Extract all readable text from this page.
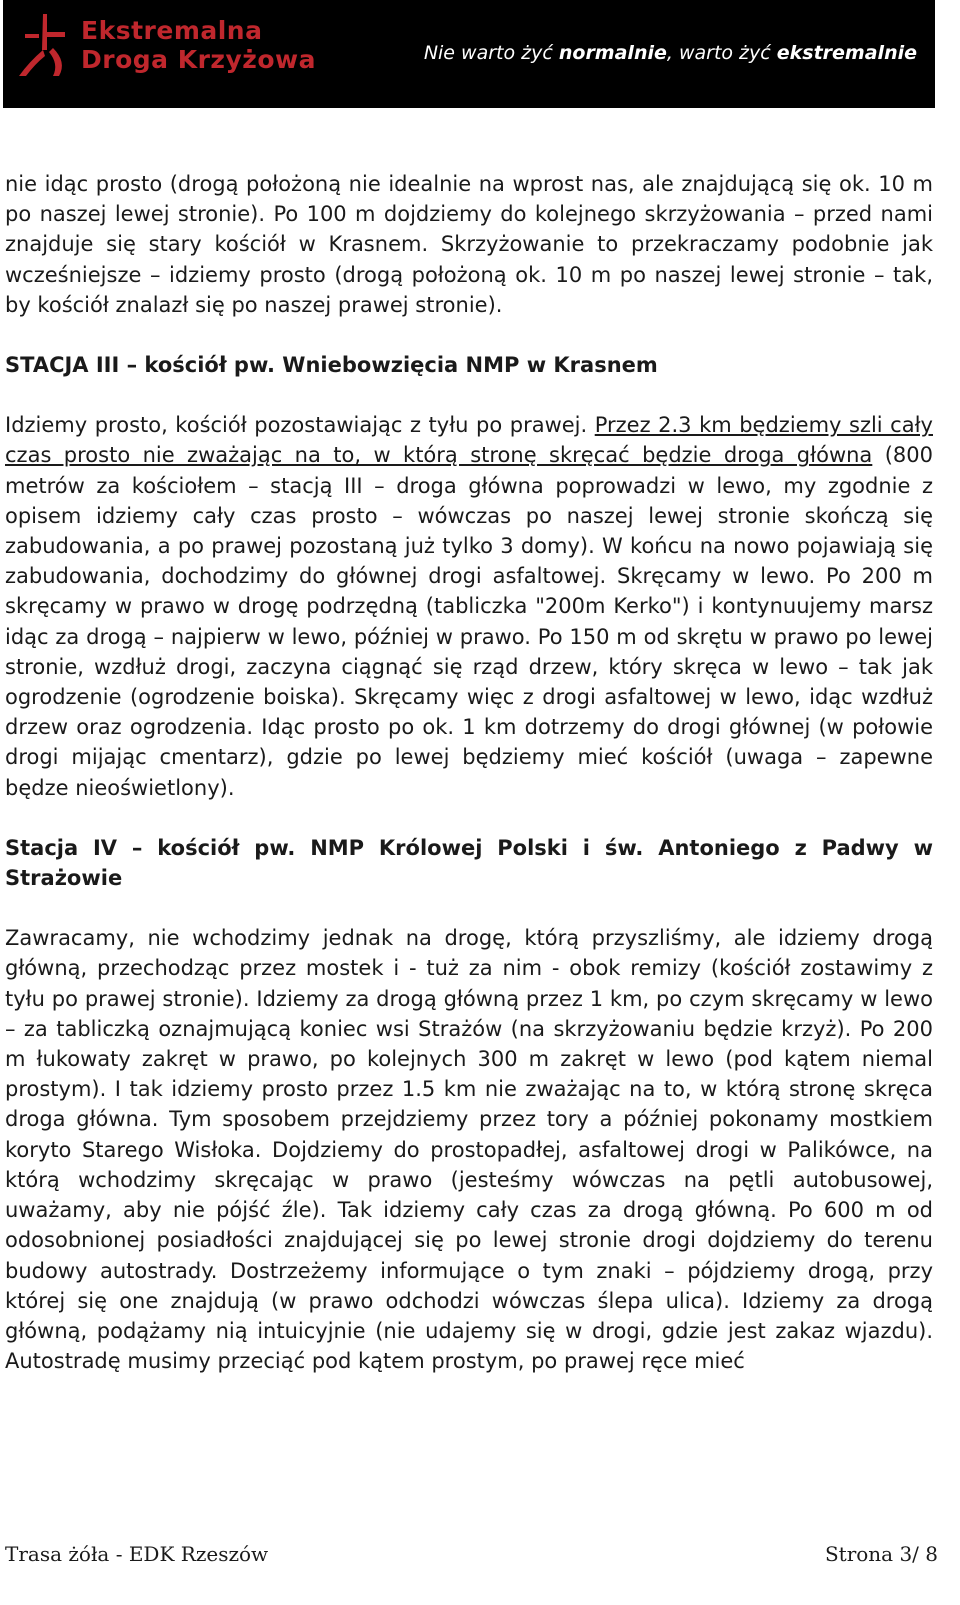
Ekstremalna
Droga Krzyżowa	Nie warto żyć normalnie, warto żyć ekstremalnie

nie idąc prosto (drogą położoną nie idealnie na wprost nas, ale znajdującą się ok. 10 m po naszej lewej stronie). Po 100 m dojdziemy do kolejnego skrzyżowania – przed nami znajduje się stary kościół w Krasnem. Skrzyżowanie to przekraczamy podobnie jak wcześniejsze – idziemy prosto (drogą położoną ok. 10 m po naszej lewej stronie – tak, by kościół znalazł się po naszej prawej stronie).

STACJA III – kościół pw. Wniebowzięcia NMP w Krasnem

Idziemy prosto, kościół pozostawiając z tyłu po prawej. Przez 2.3 km będziemy szli cały czas prosto nie zważając na to, w którą stronę skręcać będzie droga główna (800 metrów za kościołem – stacją III – droga główna poprowadzi w lewo, my zgodnie z opisem idziemy cały czas prosto – wówczas po naszej lewej stronie skończą się zabudowania, a po prawej pozostaną już tylko 3 domy). W końcu na nowo pojawiają się zabudowania, dochodzimy do głównej drogi asfaltowej. Skręcamy w lewo. Po 200 m skręcamy w prawo w drogę podrzędną (tabliczka "200m Kerko") i kontynuujemy marsz idąc za drogą – najpierw w lewo, później w prawo. Po 150 m od skrętu w prawo po lewej stronie, wzdłuż drogi, zaczyna ciągnąć się rząd drzew, który skręca w lewo – tak jak ogrodzenie (ogrodzenie boiska). Skręcamy więc z drogi asfaltowej w lewo, idąc wzdłuż drzew oraz ogrodzenia. Idąc prosto po ok. 1 km dotrzemy do drogi głównej (w połowie drogi mijając cmentarz), gdzie po lewej będziemy mieć kościół (uwaga – zapewne będze nieoświetlony).

Stacja IV – kościół pw. NMP Królowej Polski i św. Antoniego z Padwy w Strażowie

Zawracamy, nie wchodzimy jednak na drogę, którą przyszliśmy, ale idziemy drogą główną, przechodząc przez mostek i - tuż za nim - obok remizy (kościół zostawimy z tyłu po prawej stronie). Idziemy za drogą główną przez 1 km, po czym skręcamy w lewo – za tabliczką oznajmującą koniec wsi Strażów (na skrzyżowaniu będzie krzyż). Po 200 m łukowaty zakręt w prawo, po kolejnych 300 m zakręt w lewo (pod kątem niemal prostym). I tak idziemy prosto przez 1.5 km nie zważając na to, w którą stronę skręca droga główna. Tym sposobem przejdziemy przez tory a później pokonamy mostkiem koryto Starego Wisłoka. Dojdziemy do prostopadłej, asfaltowej drogi w Palikówce, na którą wchodzimy skręcając w prawo (jesteśmy wówczas na pętli autobusowej, uważamy, aby nie pójść źle). Tak idziemy cały czas za drogą główną. Po 600 m od odosobnionej posiadłości znajdującej się po lewej stronie drogi dojdziemy do terenu budowy autostrady. Dostrzeżemy informujące o tym znaki – pójdziemy drogą, przy której się one znajdują (w prawo odchodzi wówczas ślepa ulica). Idziemy za drogą główną, podążamy nią intuicyjnie (nie udajemy się w drogi, gdzie jest zakaz wjazdu). Autostradę musimy przeciąć pod kątem prostym, po prawej ręce mieć

Trasa żóła - EDK Rzeszów	Strona 3/ 8
